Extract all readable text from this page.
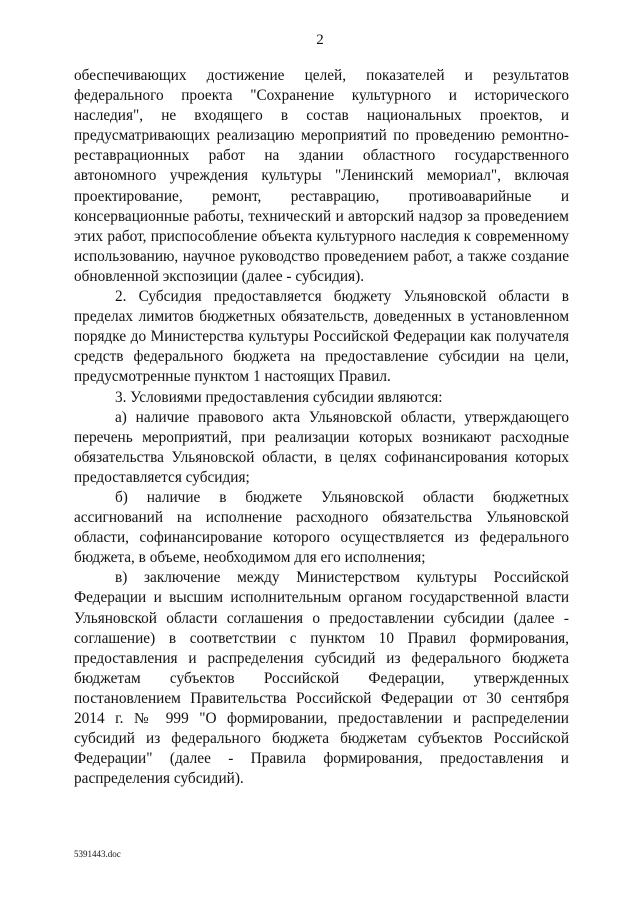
2

обеспечивающих достижение целей, показателей и результатов федерального проекта "Сохранение культурного и исторического наследия", не входящего в состав национальных проектов, и предусматривающих реализацию мероприятий по проведению ремонтно-реставрационных работ на здании областного государственного автономного учреждения культуры "Ленинский мемориал", включая проектирование, ремонт, реставрацию, противоаварийные и консервационные работы, технический и авторский надзор за проведением этих работ, приспособление объекта культурного наследия к современному использованию, научное руководство проведением работ, а также создание обновленной экспозиции (далее - субсидия).

2. Субсидия предоставляется бюджету Ульяновской области в пределах лимитов бюджетных обязательств, доведенных в установленном порядке до Министерства культуры Российской Федерации как получателя средств федерального бюджета на предоставление субсидии на цели, предусмотренные пунктом 1 настоящих Правил.

3. Условиями предоставления субсидии являются:

а) наличие правового акта Ульяновской области, утверждающего перечень мероприятий, при реализации которых возникают расходные обязательства Ульяновской области, в целях софинансирования которых предоставляется субсидия;

б) наличие в бюджете Ульяновской области бюджетных ассигнований на исполнение расходного обязательства Ульяновской области, софинансирование которого осуществляется из федерального бюджета, в объеме, необходимом для его исполнения;

в) заключение между Министерством культуры Российской Федерации и высшим исполнительным органом государственной власти Ульяновской области соглашения о предоставлении субсидии (далее - соглашение) в соответствии с пунктом 10 Правил формирования, предоставления и распределения субсидий из федерального бюджета бюджетам субъектов Российской Федерации, утвержденных постановлением Правительства Российской Федерации от 30 сентября 2014 г. № 999 "О формировании, предоставлении и распределении субсидий из федерального бюджета бюджетам субъектов Российской Федерации" (далее - Правила формирования, предоставления и распределения субсидий).

5391443.doc
